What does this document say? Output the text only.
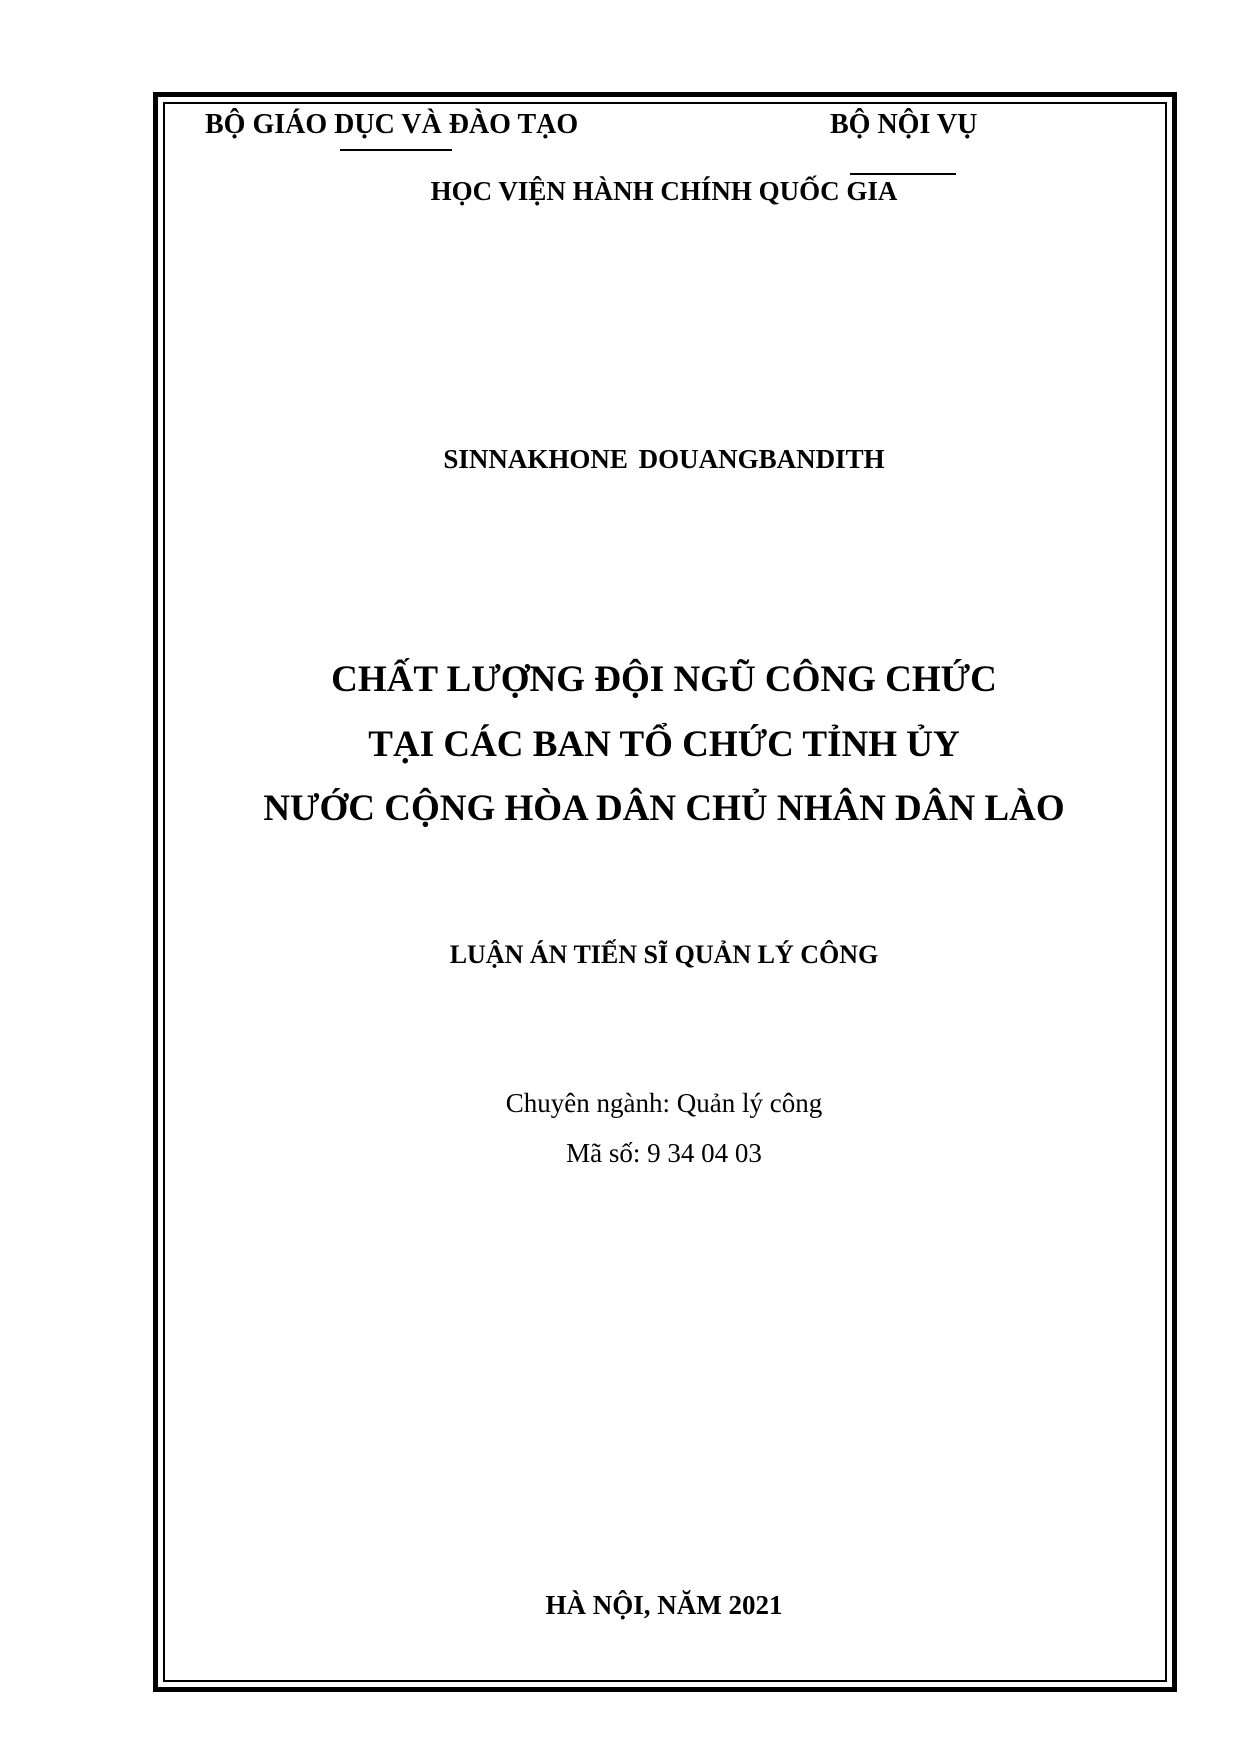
BỘ GIÁO DỤC VÀ ĐÀO TẠO	BỘ NỘI VỤ
HỌC VIỆN HÀNH CHÍNH QUỐC GIA
SINNAKHONE DOUANGBANDITH
CHẤT LƯỢNG ĐỘI NGŨ CÔNG CHỨC
TẠI CÁC BAN TỔ CHỨC TỈNH ỦY
NƯỚC CỘNG HÒA DÂN CHỦ NHÂN DÂN LÀO
LUẬN ÁN TIẾN SĨ QUẢN LÝ CÔNG
Chuyên ngành: Quản lý công
Mã số: 9 34 04 03
HÀ NỘI, NĂM 2021
